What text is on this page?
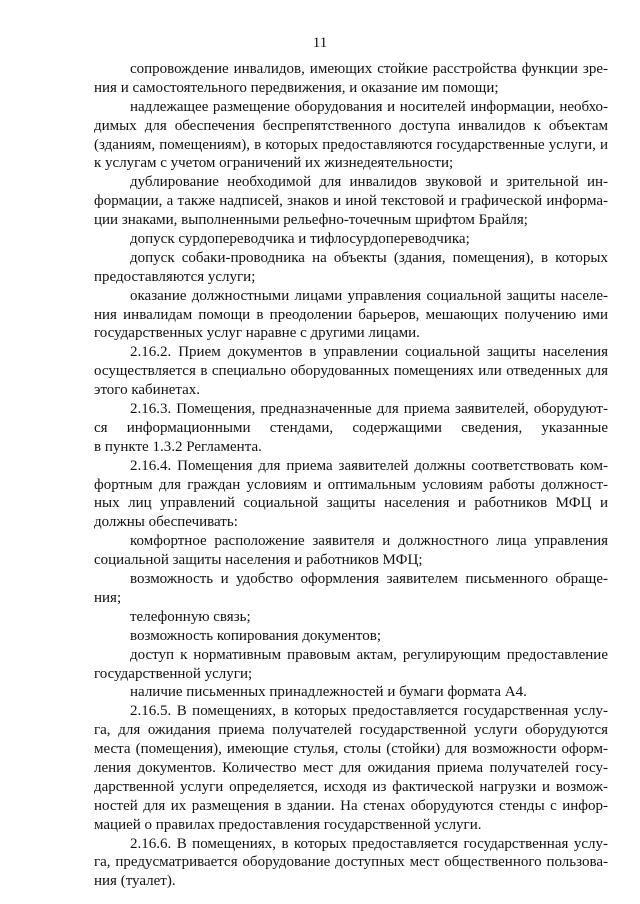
11
сопровождение инвалидов, имеющих стойкие расстройства функции зре-
ния и самостоятельного передвижения, и оказание им помощи;
надлежащее размещение оборудования и носителей информации, необхо-
димых для обеспечения беспрепятственного доступа инвалидов к объектам
(зданиям, помещениям), в которых предоставляются государственные услуги, и
к услугам с учетом ограничений их жизнедеятельности;
дублирование необходимой для инвалидов звуковой и зрительной ин-
формации, а также надписей, знаков и иной текстовой и графической информа-
ции знаками, выполненными рельефно-точечным шрифтом Брайля;
допуск сурдопереводчика и тифлосурдопереводчика;
допуск собаки-проводника на объекты (здания, помещения), в которых
предоставляются услуги;
оказание должностными лицами управления социальной защиты населе-
ния инвалидам помощи в преодолении барьеров, мешающих получению ими
государственных услуг наравне с другими лицами.
2.16.2. Прием документов в управлении социальной защиты населения
осуществляется в специально оборудованных помещениях или отведенных для
этого кабинетах.
2.16.3. Помещения, предназначенные для приема заявителей, оборудуют-
ся информационными стендами, содержащими сведения, указанные
в пункте 1.3.2 Регламента.
2.16.4. Помещения для приема заявителей должны соответствовать ком-
фортным для граждан условиям и оптимальным условиям работы должност-
ных лиц управлений социальной защиты населения и работников МФЦ и
должны обеспечивать:
комфортное расположение заявителя и должностного лица управления
социальной защиты населения и работников МФЦ;
возможность и удобство оформления заявителем письменного обраще-
ния;
телефонную связь;
возможность копирования документов;
доступ к нормативным правовым актам, регулирующим предоставление
государственной услуги;
наличие письменных принадлежностей и бумаги формата А4.
2.16.5. В помещениях, в которых предоставляется государственная услу-
га, для ожидания приема получателей государственной услуги оборудуются
места (помещения), имеющие стулья, столы (стойки) для возможности оформ-
ления документов. Количество мест для ожидания приема получателей госу-
дарственной услуги определяется, исходя из фактической нагрузки и возмож-
ностей для их размещения в здании. На стенах оборудуются стенды с инфор-
мацией о правилах предоставления государственной услуги.
2.16.6. В помещениях, в которых предоставляется государственная услу-
га, предусматривается оборудование доступных мест общественного пользова-
ния (туалет).
